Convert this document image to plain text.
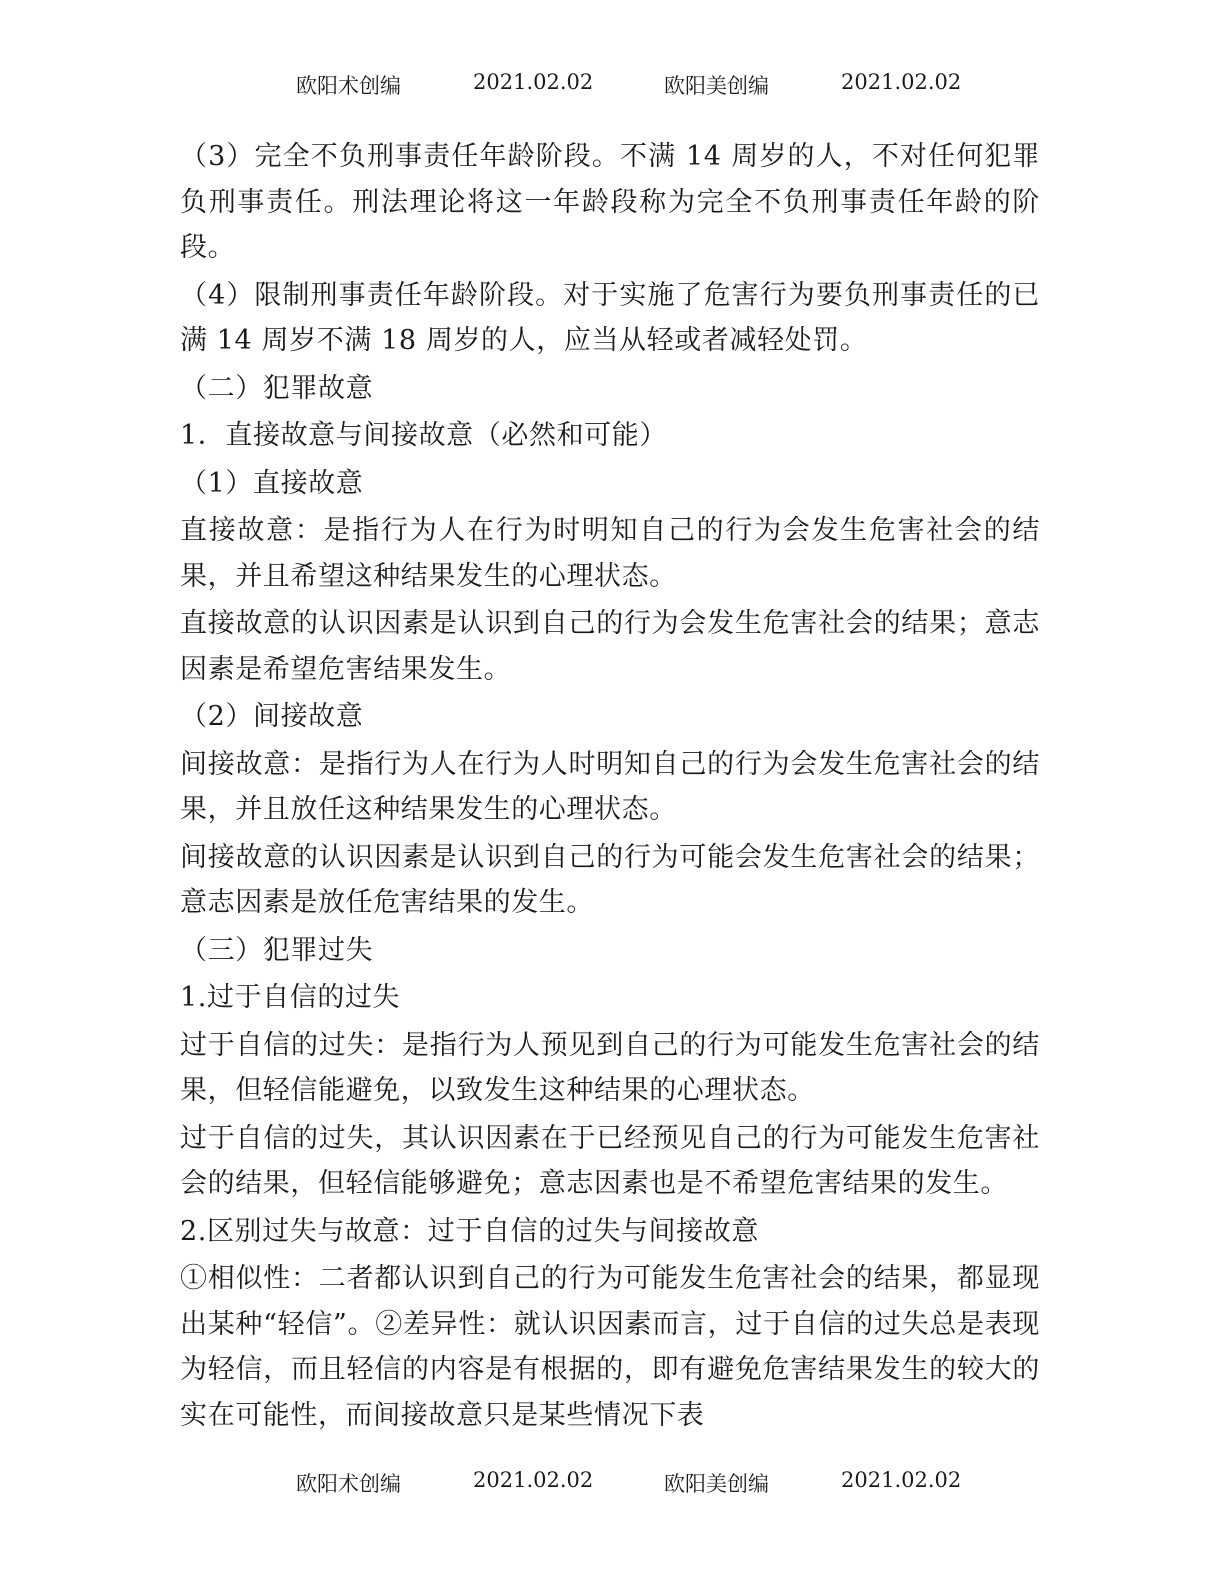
欧阳术创编

	2021.02.02

	欧阳美创编

	2021.02.02

（3）完全不负刑事责任年龄阶段。不满 14 周岁的人，不对任何犯罪负刑事责任。刑法理论将这一年龄段称为完全不负刑事责任年龄的阶段。

（4）限制刑事责任年龄阶段。对于实施了危害行为要负刑事责任的已满 14 周岁不满 18 周岁的人，应当从轻或者减轻处罚。

（二）犯罪故意

1．直接故意与间接故意（必然和可能）

（1）直接故意

直接故意：是指行为人在行为时明知自己的行为会发生危害社会的结果，并且希望这种结果发生的心理状态。

直接故意的认识因素是认识到自己的行为会发生危害社会的结果；意志因素是希望危害结果发生。

（2）间接故意

间接故意：是指行为人在行为人时明知自己的行为会发生危害社会的结果，并且放任这种结果发生的心理状态。

间接故意的认识因素是认识到自己的行为可能会发生危害社会的结果；意志因素是放任危害结果的发生。

（三）犯罪过失

1.过于自信的过失

过于自信的过失：是指行为人预见到自己的行为可能发生危害社会的结果，但轻信能避免，以致发生这种结果的心理状态。

过于自信的过失，其认识因素在于已经预见自己的行为可能发生危害社会的结果，但轻信能够避免；意志因素也是不希望危害结果的发生。

2.区别过失与故意：过于自信的过失与间接故意

①相似性：二者都认识到自己的行为可能发生危害社会的结果，都显现出某种“轻信”。②差异性：就认识因素而言，过于自信的过失总是表现为轻信，而且轻信的内容是有根据的，即有避免危害结果发生的较大的实在可能性，而间接故意只是某些情况下表

欧阳术创编

	2021.02.02

	欧阳美创编

	2021.02.02
